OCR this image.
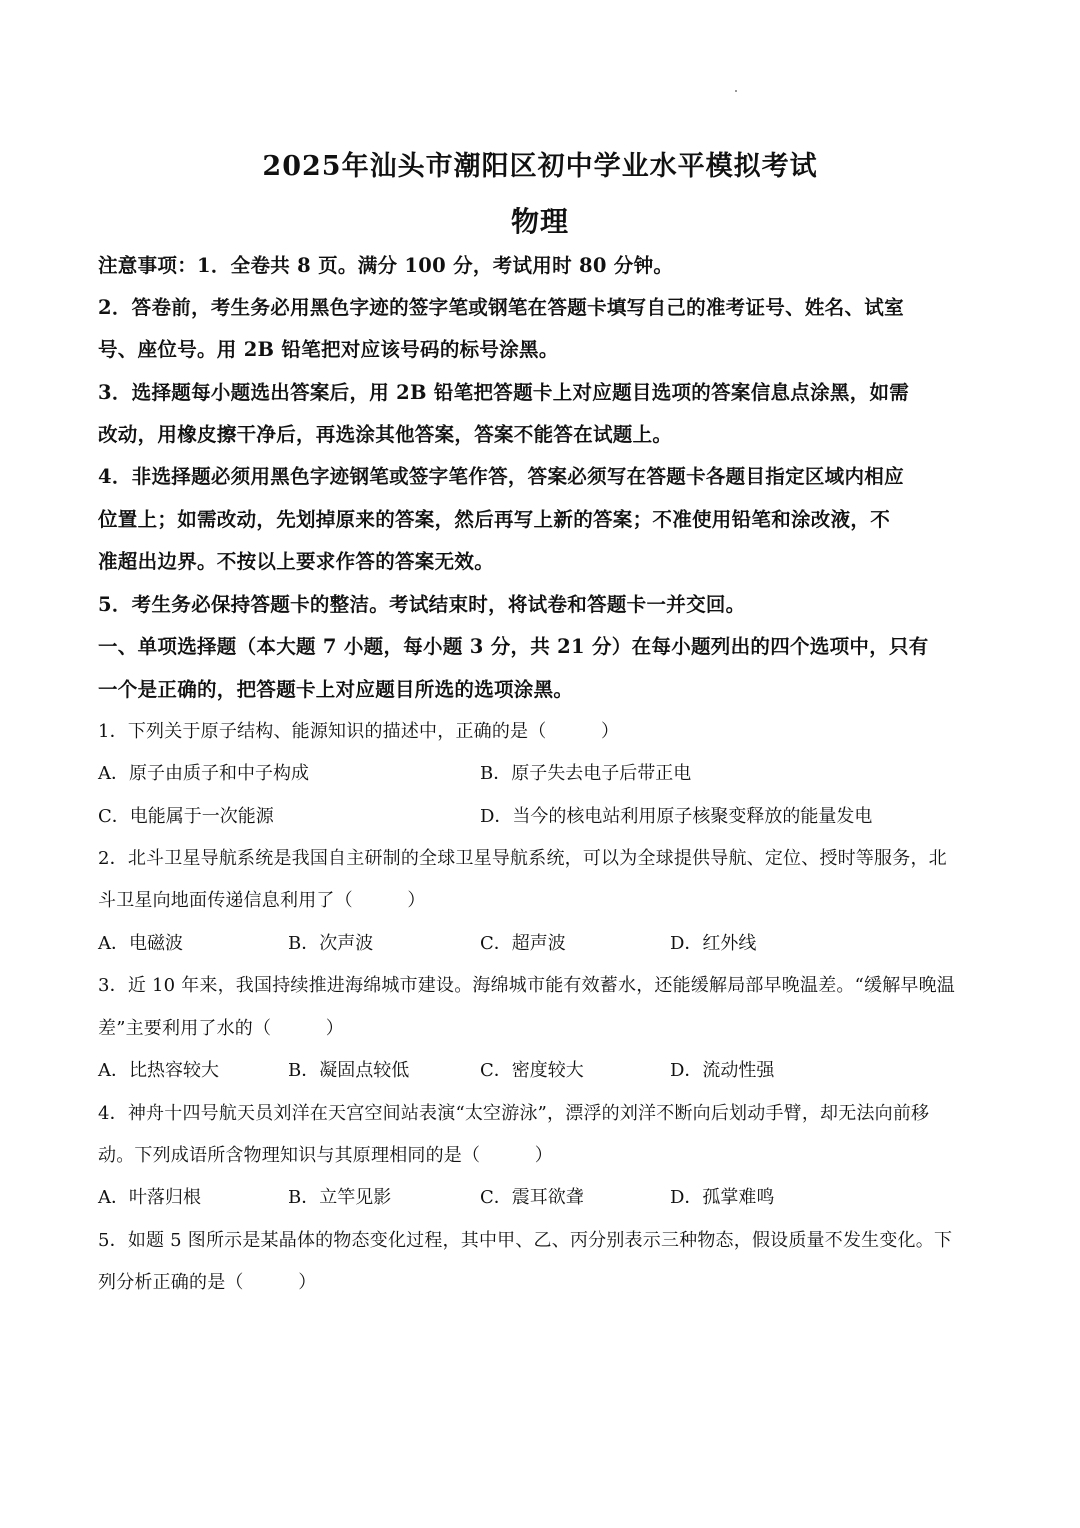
2025年汕头市潮阳区初中学业水平模拟考试
物理
注意事项：1．全卷共 8 页。满分 100 分，考试用时 80 分钟。
2．答卷前，考生务必用黑色字迹的签字笔或钢笔在答题卡填写自己的准考证号、姓名、试室
号、座位号。用 2B 铅笔把对应该号码的标号涂黑。
3．选择题每小题选出答案后，用 2B 铅笔把答题卡上对应题目选项的答案信息点涂黑，如需
改动，用橡皮擦干净后，再选涂其他答案，答案不能答在试题上。
4．非选择题必须用黑色字迹钢笔或签字笔作答，答案必须写在答题卡各题目指定区域内相应
位置上；如需改动，先划掉原来的答案，然后再写上新的答案；不准使用铅笔和涂改液，不
准超出边界。不按以上要求作答的答案无效。
5．考生务必保持答题卡的整洁。考试结束时，将试卷和答题卡一并交回。
一、单项选择题（本大题 7 小题，每小题 3 分，共 21 分）在每小题列出的四个选项中，只有
一个是正确的，把答题卡上对应题目所选的选项涂黑。
1．下列关于原子结构、能源知识的描述中，正确的是（　　　）
A．原子由质子和中子构成	B．原子失去电子后带正电
C．电能属于一次能源	D．当今的核电站利用原子核聚变释放的能量发电
2．北斗卫星导航系统是我国自主研制的全球卫星导航系统，可以为全球提供导航、定位、授时等服务，北
斗卫星向地面传递信息利用了（　　　）
A．电磁波	B．次声波	C．超声波	D．红外线
3．近 10 年来，我国持续推进海绵城市建设。海绵城市能有效蓄水，还能缓解局部早晚温差。“缓解早晚温
差”主要利用了水的（　　　）
A．比热容较大	B．凝固点较低	C．密度较大	D．流动性强
4．神舟十四号航天员刘洋在天宫空间站表演“太空游泳”，漂浮的刘洋不断向后划动手臂，却无法向前移
动。下列成语所含物理知识与其原理相同的是（　　　）
A．叶落归根	B．立竿见影	C．震耳欲聋	D．孤掌难鸣
5．如题 5 图所示是某晶体的物态变化过程，其中甲、乙、丙分别表示三种物态，假设质量不发生变化。下
列分析正确的是（　　　）
